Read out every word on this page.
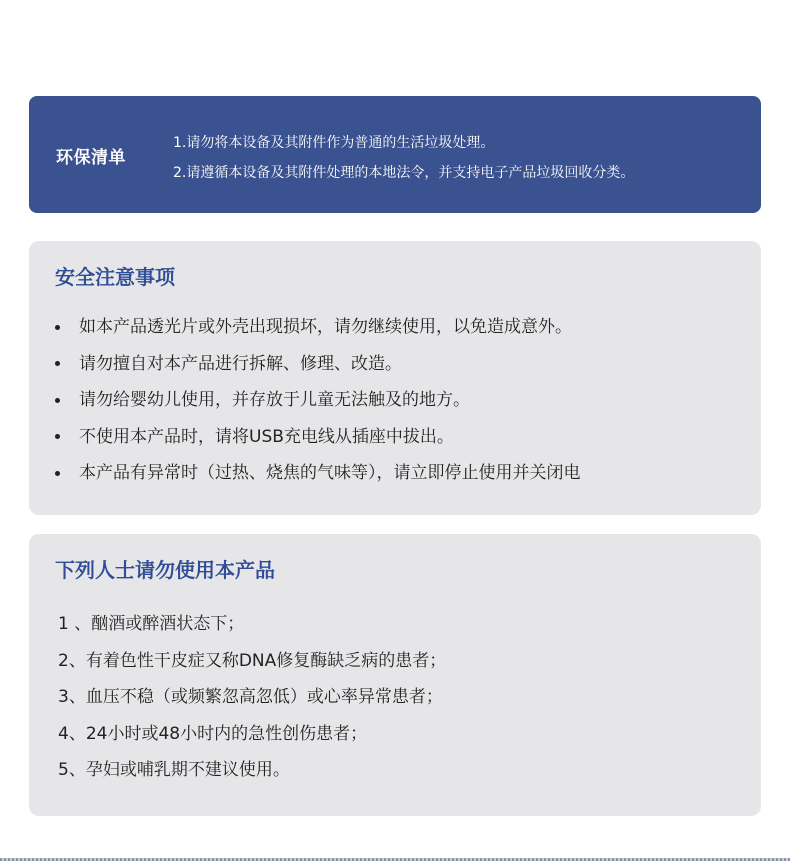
环保清单
1.请勿将本设备及其附件作为普通的生活垃圾处理。
2.请遵循本设备及其附件处理的本地法令，并支持电子产品垃圾回收分类。
安全注意事项
如本产品透光片或外壳出现损坏，请勿继续使用，以免造成意外。
请勿擅自对本产品进行拆解、修理、改造。
请勿给婴幼儿使用，并存放于儿童无法触及的地方。
不使用本产品时，请将USB充电线从插座中拔出。
本产品有异常时（过热、烧焦的气味等），请立即停止使用并关闭电
下列人士请勿使用本产品
1 、酗酒或醉酒状态下；
2、有着色性干皮症又称DNA修复酶缺乏病的患者；
3、血压不稳（或频繁忽高忽低）或心率异常患者；
4、24小时或48小时内的急性创伤患者；
5、孕妇或哺乳期不建议使用。
